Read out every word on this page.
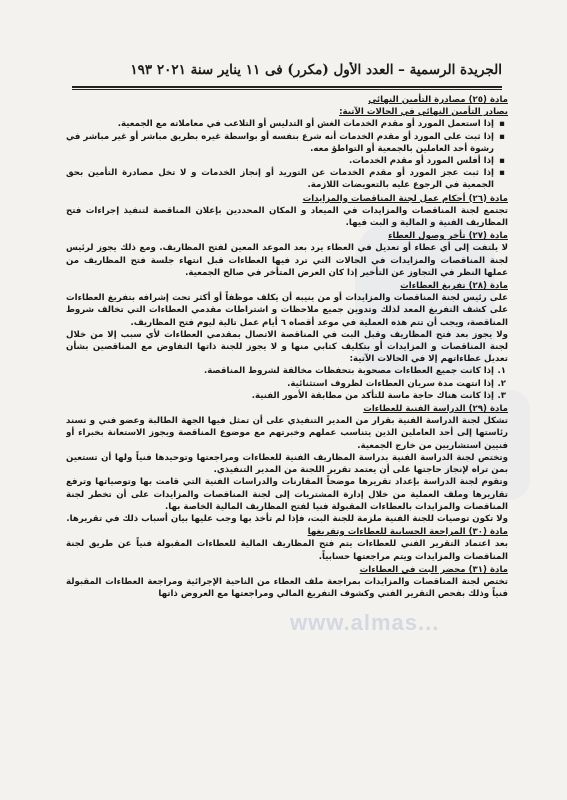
الجريدة الرسمية – العدد الأول (مكرر) فى ١١ يناير سنة ٢٠٢١ ١٩٣
مادة (٢٥) مصادرة التأمين النهائي
يصادر التأمين النهائي في الحالات الآتية:
▪ إذا استعمل المورد أو مقدم الخدمات الغش أو التدليس أو التلاعب في معاملاته مع الجمعية.
▪ إذا ثبت على المورد أو مقدم الخدمات أنه شرع بنفسه أو بواسطة غيره بطريق مباشر أو غير مباشر في رشوة أحد العاملين بالجمعية أو التواطؤ معه.
▪ إذا أفلس المورد أو مقدم الخدمات.
▪ إذا ثبت عجز المورد أو مقدم الخدمات عن التوريد أو إنجاز الخدمات و لا تخل مصادرة التأمين بحق الجمعية في الرجوع عليه بالتعويضات اللازمة.
مادة (٢٦) أحكام عمل لجنة المناقصات والمزايدات

تجتمع لجنة المناقصات والمزايدات في الميعاد و المكان المحددين بإعلان المناقصة لتنفيذ إجراءات فتح المظاريف الفنية و المالية و البت فيها.

مادة (٢٧) تأخر وصول العطاء

لا يلتفت إلى أي عطاء أو تعديل في العطاء يرد بعد الموعد المعين لفتح المظاريف. ومع ذلك يجوز لرئيس لجنة المناقصات والمزايدات في الحالات التي ترد فيها العطاءات قبل انتهاء جلسة فتح المظاريف من عملها النظر في التجاوز عن التأخير إذا كان العرض المتأخر في صالح الجمعية.

مادة (٢٨) تفريغ العطاءات

على رئيس لجنة المناقصات والمزايدات أو من ينيبه أن يكلف موظفاً أو أكثر تحت إشرافه بتفريغ العطاءات على كشف التفريغ المعد لذلك وتدوين جميع ملاحظات و اشتراطات مقدمي العطاءات التي تخالف شروط المناقصة، ويجب أن تتم هذه العملية في موعد أقصاه ٦ أيام عمل تالية ليوم فتح المظاريف.

ولا يجوز بعد فتح المظاريف وقبل البت في المناقصة الاتصال بمقدمي العطاءات لأي سبب إلا من خلال لجنة المناقصات و المزايدات أو بتكليف كتابي منها و لا يجوز للجنة ذاتها التفاوض مع المناقصين بشأن تعديل عطاءاتهم إلا في الحالات الآتية:

١.
إذا كانت جميع العطاءات مصحوبة بتحفظات مخالفة لشروط المناقصة.
٢.
إذا انتهت مدة سريان العطاءات لظروف استثنائية.
٣.
إذا كانت هناك حاجة ماسة للتأكد من مطابقة الأمور الفنية.
مادة (٢٩) الدراسة الفنية للعطاءات

تشكل لجنة الدراسة الفنية بقرار من المدير التنفيذي على أن تمثل فيها الجهة الطالبة وعضو فني و تسند رئاستها إلى أحد العاملين الذين يتناسب عملهم وخبرتهم مع موضوع المناقصة ويجوز الاستعانة بخبراء أو فنيين استشاريين من خارج الجمعية.

وتختص لجنة الدراسة الفنية بدراسة المظاريف الفنية للعطاءات ومراجعتها وتوحيدها فنياً ولها أن تستعين بمن تراه لإنجاز حاجتها على أن يعتمد تقرير اللجنة من المدير التنفيذي.

وتقوم لجنة الدراسة بإعداد تقريرها موضحاً المقارنات والدراسات الفنية التي قامت بها وتوصياتها وترفع تقاريرها وملف العملية من خلال إدارة المشتريات إلى لجنة المناقصات والمزايدات على أن تخطر لجنة المناقصات والمزايدات بالعطاءات المقبولة فنيا لفتح المظاريف المالية الخاصة بها.

ولا تكون توصيات للجنة الفنية ملزمة للجنة البت، فإذا لم تأخذ بها وجب عليها بيان أسباب ذلك في تقريرها.

مادة (٣٠) المراجعة الحسابية للعطاءات وتفريغها

بعد اعتماد التقرير الفني للعطاءات يتم فتح المظاريف المالية للعطاءات المقبولة فنياً عن طريق لجنة المناقصات والمزايدات ويتم مراجعتها حسابياً.

مادة (٣١) محضر البت في العطاءات

تختص لجنة المناقصات والمزايدات بمراجعة ملف العطاء من الناحية الإجرائية ومراجعة العطاءات المقبولة فنياً وذلك بفحص التقرير الفني وكشوف التفريغ المالي ومراجعتها مع العروض ذاتها

www.almas...
